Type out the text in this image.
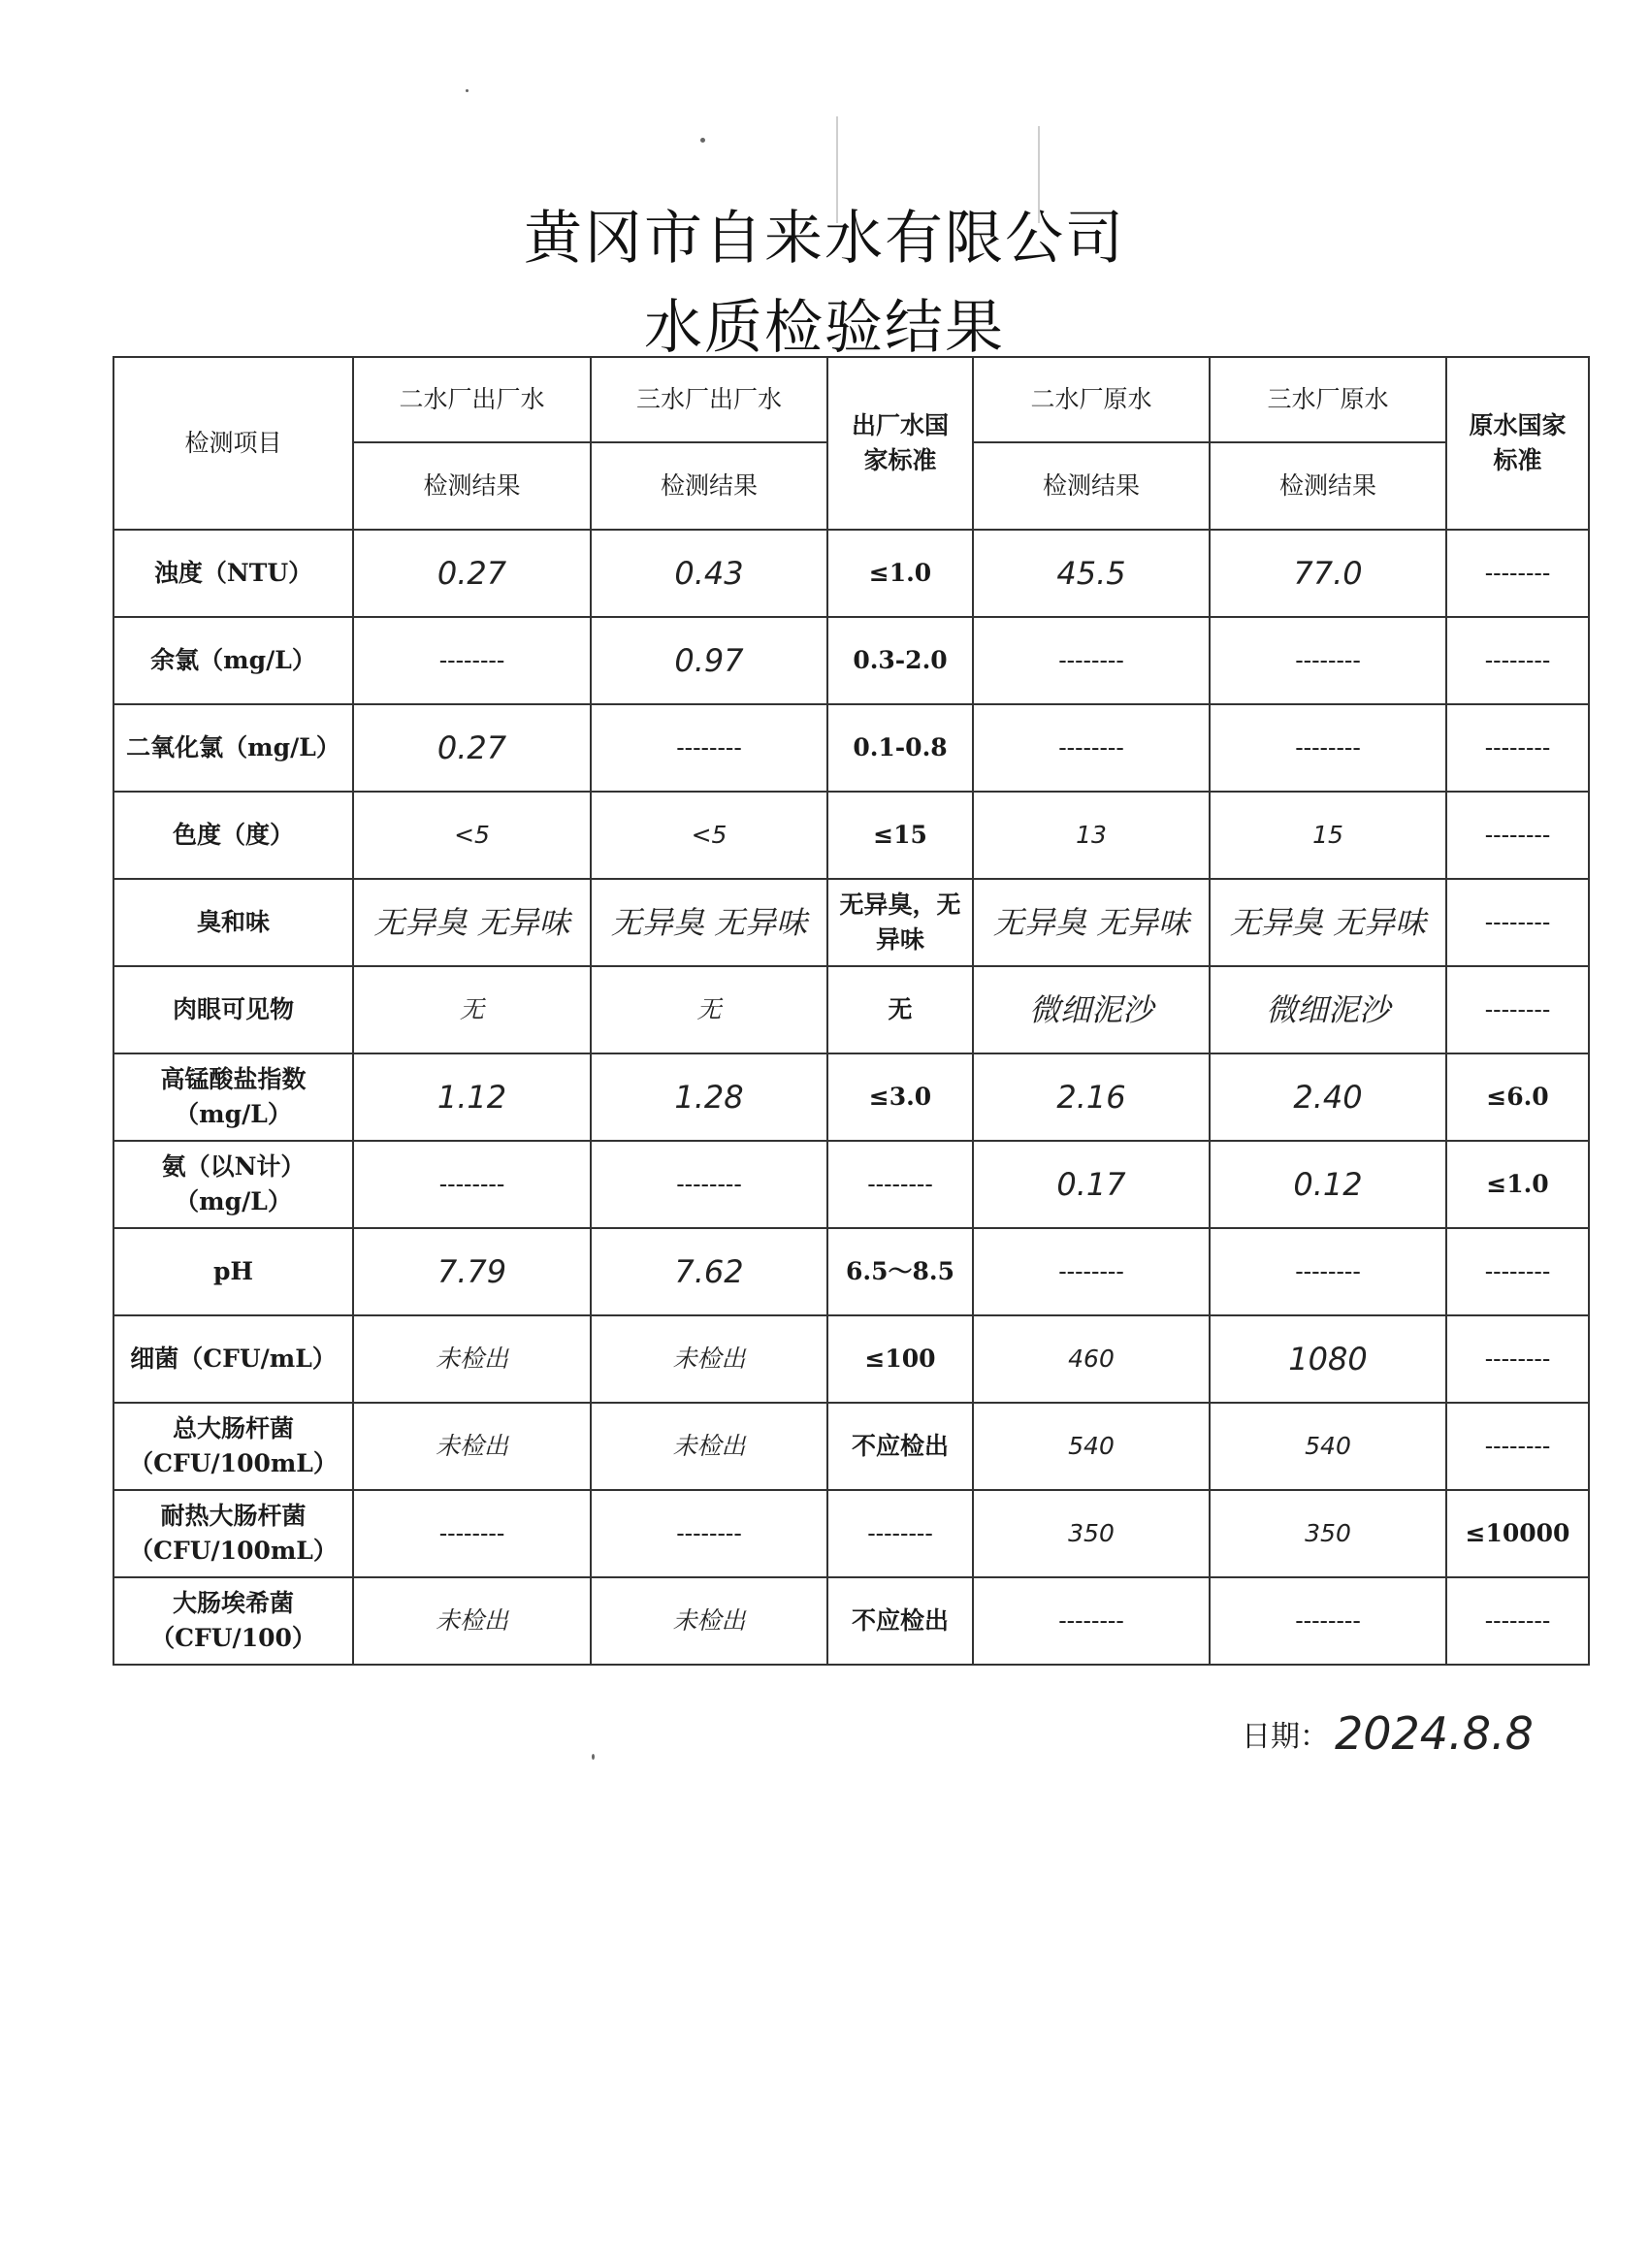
黄冈市自来水有限公司
水质检验结果
检测项目	二水厂出厂水	三水厂出厂水	出厂水国家标准	二水厂原水	三水厂原水	原水国家标准
	检测结果	检测结果		检测结果	检测结果	
浊度（NTU）	0.27	0.43	≤1.0	45.5	77.0	--------
余氯（mg/L）	--------	0.97	0.3-2.0	--------	--------	--------
二氧化氯（mg/L）	0.27	--------	0.1-0.8	--------	--------	--------
色度（度）	<5	<5	≤15	13	15	--------
臭和味	无异臭 无异味	无异臭 无异味	无异臭，无异味	无异臭 无异味	无异臭 无异味	--------
肉眼可见物	无	无	无	微细泥沙	微细泥沙	--------
高锰酸盐指数（mg/L）	1.12	1.28	≤3.0	2.16	2.40	≤6.0
氨（以N计）（mg/L）	--------	--------	--------	0.17	0.12	≤1.0
pH	7.79	7.62	6.5～8.5	--------	--------	--------
细菌（CFU/mL）	未检出	未检出	≤100	460	1080	--------
总大肠杆菌（CFU/100mL）	未检出	未检出	不应检出	540	540	--------
耐热大肠杆菌（CFU/100mL）	--------	--------	--------	350	350	≤10000
大肠埃希菌（CFU/100）	未检出	未检出	不应检出	--------	--------	--------
日期： 2024.8.8
